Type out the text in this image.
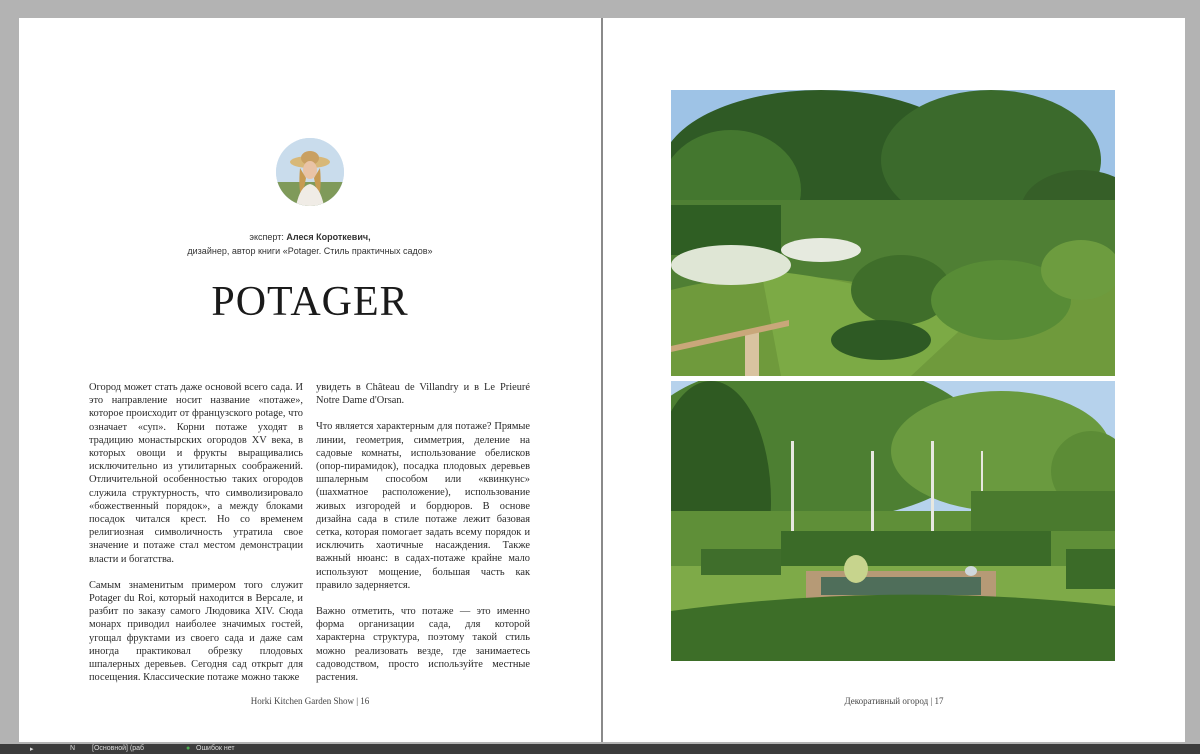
эксперт: Алеся Короткевич,
дизайнер, автор книги «Potager. Стиль практичных садов»
POTAGER

Огород может стать даже основой всего сада. И это направление носит название «потаже», которое происходит от французского potage, что означает «суп». Корни потаже уходят в традицию монастырских огородов XV века, в которых овощи и фрукты выращивались исключительно из утилитарных соображений. Отличительной особенностью таких огородов служила структурность, что символизировало «божественный порядок», а между блоками посадок читался крест. Но со временем религиозная символичность утратила свое значение и потаже стал местом демонстрации власти и богатства.

Самым знаменитым примером того служит Potager du Roi, который находится в Версале, и разбит по заказу самого Людовика XIV. Сюда монарх приводил наиболее значимых гостей, угощал фруктами из своего сада и даже сам иногда практиковал обрезку плодовых шпалерных деревьев. Сегодня сад открыт для посещения. Классические потаже можно также

увидеть в Château de Villandry и в Le Prieuré Notre Dame d'Orsan.

Что является характерным для потаже? Прямые линии, геометрия, симметрия, деление на садовые комнаты, использование обелисков (опор-пирамидок), посадка плодовых деревьев шпалерным способом или «квинкунс» (шахматное расположение), использование живых изгородей и бордюров. В основе дизайна сада в стиле потаже лежит базовая сетка, которая помогает задать всему порядок и исключить хаотичные насаждения. Также важный нюанс: в садах-потаже крайне мало используют мощение, большая часть как правило задерняется.

Важно отметить, что потаже — это именно форма организации сада, для которой характерна структура, поэтому такой стиль можно реализовать везде, где занимаетесь садоводством, просто используйте местные растения.

Horki Kitchen Garden Show | 16	Декоративный огород | 17
▸	N [Основной] (раб	● Ошибок нет
